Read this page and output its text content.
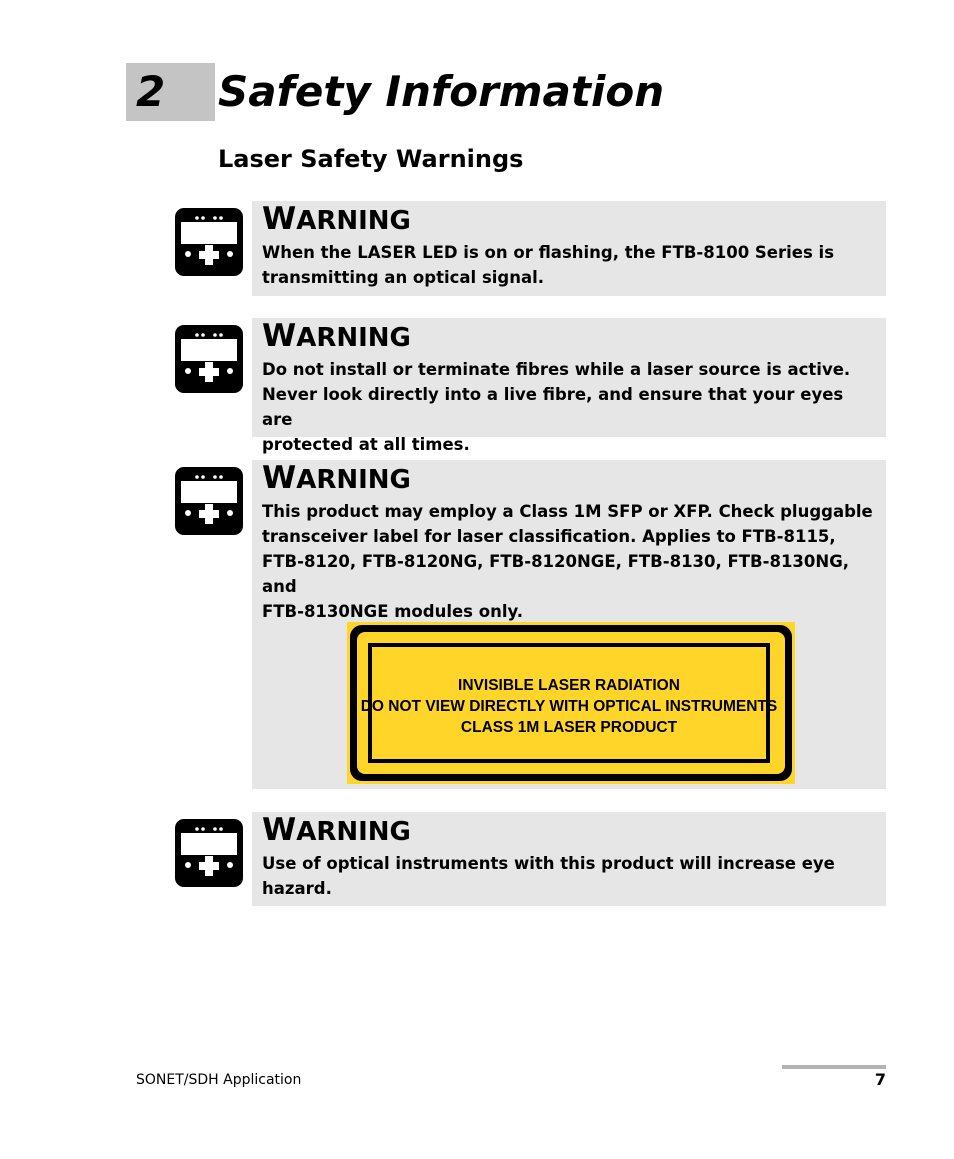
2 Safety Information
Laser Safety Warnings
WARNING
When the LASER LED is on or flashing, the FTB-8100 Series is
transmitting an optical signal.
WARNING
Do not install or terminate fibres while a laser source is active.
Never look directly into a live fibre, and ensure that your eyes are
protected at all times.
WARNING
This product may employ a Class 1M SFP or XFP. Check pluggable
transceiver label for laser classification. Applies to FTB-8115,
FTB-8120, FTB-8120NG, FTB-8120NGE, FTB-8130, FTB-8130NG, and
FTB-8130NGE modules only.
INVISIBLE LASER RADIATION
DO NOT VIEW DIRECTLY WITH OPTICAL INSTRUMENTS
CLASS 1M LASER PRODUCT
WARNING
Use of optical instruments with this product will increase eye
hazard.
SONET/SDH Application	7
